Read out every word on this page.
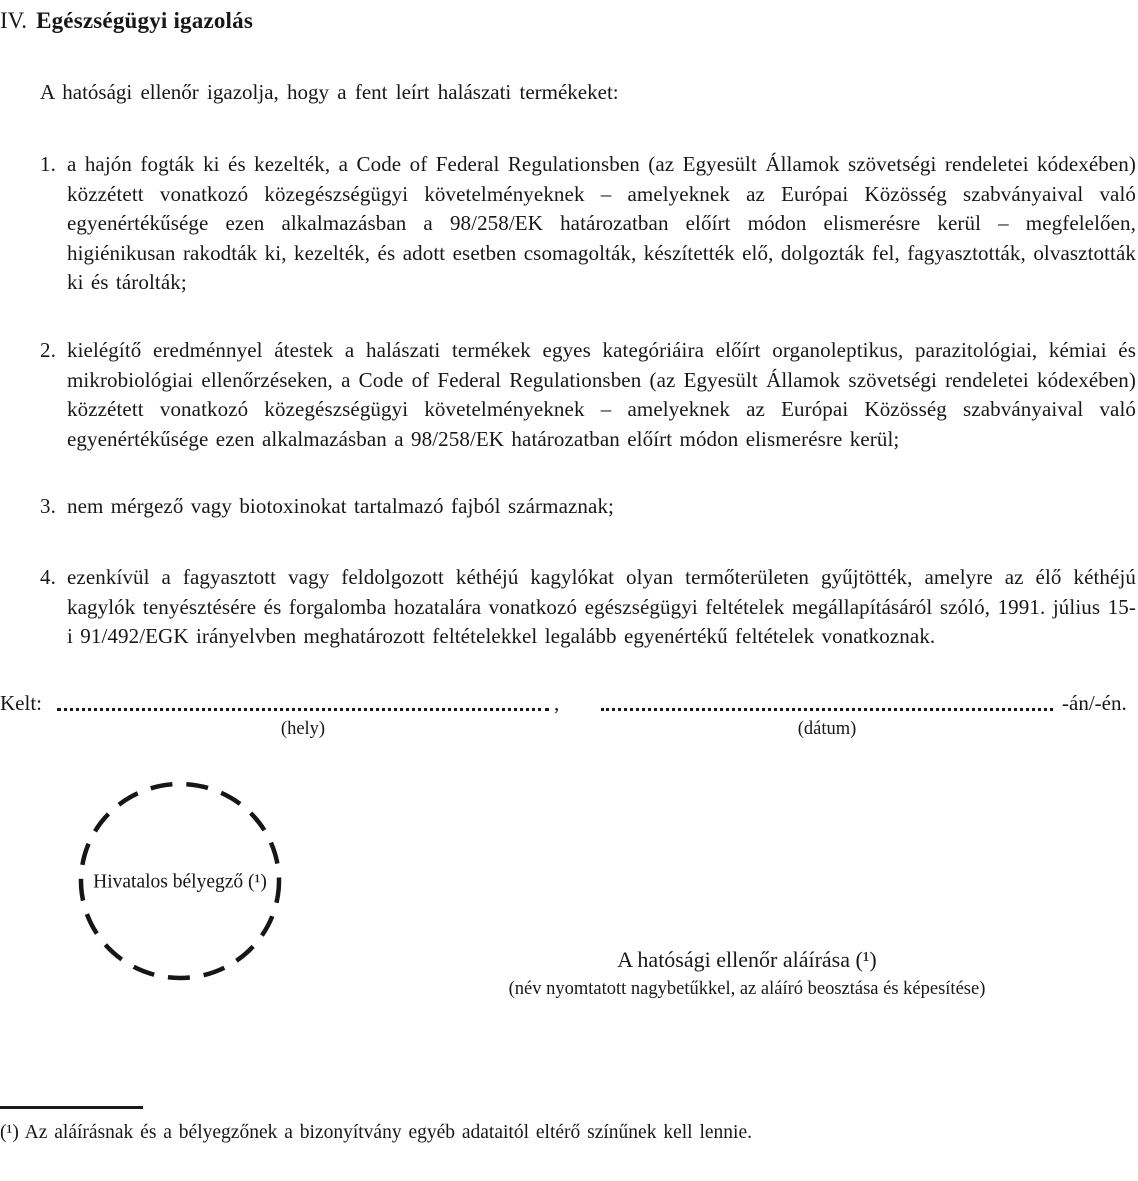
IV. Egészségügyi igazolás

A hatósági ellenőr igazolja, hogy a fent leírt halászati termékeket:

1. a hajón fogták ki és kezelték, a Code of Federal Regulationsben (az Egyesült Államok szövetségi rendeletei kódexében) közzétett vonatkozó közegészségügyi követelményeknek – amelyeknek az Európai Közösség szabványaival való egyenértékűsége ezen alkalmazásban a 98/258/EK határozatban előírt módon elismerésre kerül – megfelelően, higiénikusan rakodták ki, kezelték, és adott esetben csomagolták, készítették elő, dolgozták fel, fagyasztották, olvasztották ki és tárolták;
2. kielégítő eredménnyel átestek a halászati termékek egyes kategóriáira előírt organoleptikus, parazitológiai, kémiai és mikrobiológiai ellenőrzéseken, a Code of Federal Regulationsben (az Egyesült Államok szövetségi rendeletei kódexében) közzétett vonatkozó közegészségügyi követelményeknek – amelyeknek az Európai Közösség szabványaival való egyenértékűsége ezen alkalmazásban a 98/258/EK határozatban előírt módon elismerésre kerül;
3. nem mérgező vagy biotoxinokat tartalmazó fajból származnak;
4. ezenkívül a fagyasztott vagy feldolgozott kéthéjú kagylókat olyan termőterületen gyűjtötték, amelyre az élő kéthéjú kagylók tenyésztésére és forgalomba hozatalára vonatkozó egészségügyi feltételek megállapításáról szóló, 1991. július 15-i 91/492/EGK irányelvben meghatározott feltételekkel legalább egyenértékű feltételek vonatkoznak.
Kelt:	,
(hely)
-án/-én.
(dátum)
Hivatalos bélyegző (¹)
A hatósági ellenőr aláírása (¹)
(név nyomtatott nagybetűkkel, az aláíró beosztása és képesítése)

(¹) Az aláírásnak és a bélyegzőnek a bizonyítvány egyéb adataitól eltérő színűnek kell lennie.
